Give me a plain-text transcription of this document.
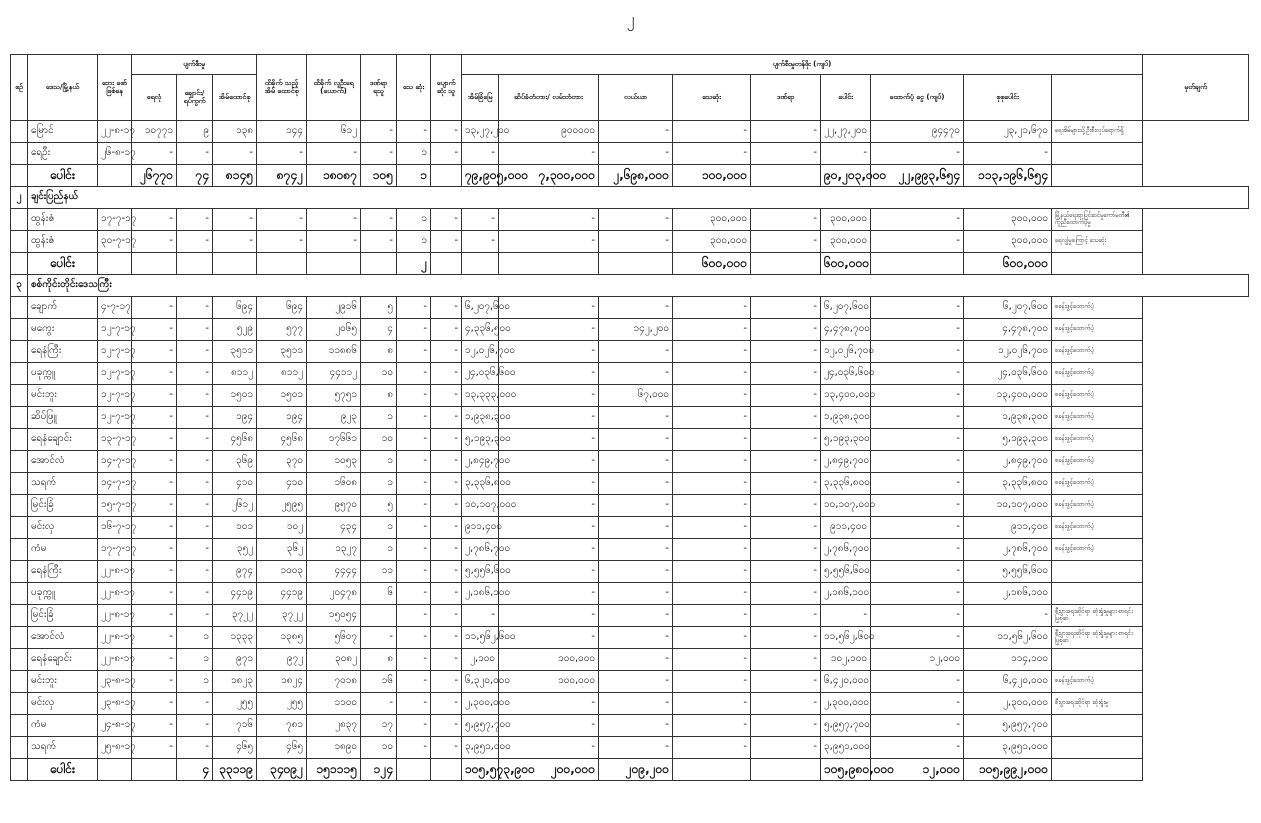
၂
စဥ်	ဒေသ/မြို့နယ်	ဘေး ဖော် ဖြစ်နေ	ပျက်စီးမှု			ထိခိုက် သည့် အိမ် ထောင်စု	ထိခိုက် လူဦးရေ (ယောက်)	ဒဏ်ရာ ရသူ	သေ ဆုံး	ပျောက် ဆုံး သူ	ပျက်စီးမှုတန်ဖိုး (ကျပ်)									မှတ်ချက်
			ရေလုံ	ချောင်း/ ရပ်ကွက်	အိမ်ထောင်စု						အိမ်ခြံမြေ	ဆိပ်ခံတံတား/ လမ်းတံတား	လယ်ယာ	သေဆုံး	ဒဏ်ရာ	ပေါင်း	ထောက်ပံ့ ငွေ (ကျပ်)	စုစုပေါင်း		
	မြောင်	၂၂-၈-၁၇	၁၀၇၇၁	၉	၁၃၈	၁၄၄	၆၁၂	-	-	-	၁၃,၂၇,၂၀၀	၉၀၀၀၀၀	-	-	-	၂၂,၂၇,၂၀၀	၉၄၄၇၀	၂၃,၂၁,၆၇၀	ရေအိမ်များသို့ဦးစီးလုပ်ရောက်ရှိ	
	ရေဦး	၂၆-၈-၁၇	-	-	-	-	-	-	၁	-	-	-	-	-	-	-	-	-		
	ပေါင်း		၂၆၇၇၀	၇၄	၈၁၄၅	၈၇၄၂	၁၈၀၈၇	၁၀၅	၁		၇၉,၉၀၅,၀၀၀	၇,၃၀၀,၀၀၀	၂,၆၉၈,၀၀၀	၁၀၀,၀၀၀		၉၀,၂၀၃,၀၀၀	၂၂,၉၉၃,၆၅၄	၁၁၃,၁၉၆,၆၅၄		
၂	ချင်းပြည်နယ်																			
	ထွန်းဇံ	၁၇-၇-၁၇	-	-	-	-	-	-	၁	-	-	-	-	၃၀၀,၀၀၀	-	၃၀၀,၀၀၀	-	၃၀၀,၀၀၀	မြို့နယ်ရေးရာပြင်ဆင်မှုကော်မတီ၏ ကူညီထောက်ပံ့မှု	
	ထွန်းဇံ	၃၀-၇-၁၇	-	-	-	-	-	-	၁	-	-	-	-	၃၀၀,၀၀၀	-	၃၀၀,၀၀၀	-	၃၀၀,၀၀၀	ရေလျှံမှုကြောင့် သေဆုံး	
	ပေါင်း								၂					၆၀၀,၀၀၀		၆၀၀,၀၀၀		၆၀၀,၀၀၀		
၃	စစ်ကိုင်းတိုင်းဒေသကြီး																			
	ချောက်	၄-၇-၁၇	-	-	၆၉၄	၆၉၄	၂၉၁၆	၅	-	-	၆,၂၀၇,၆၀၀	-	-	-	-	၆,၂၀၇,၆၀၀	-	၆,၂၀၇,၆၀၀	စခန်းဖွင့်ထောက်ပံ့	
	မကွေး	၁၂-၇-၁၇	-	-	၅၂၉	၅၇၇	၂၀၆၅	၄	-	-	၄,၃၃၆,၅၀၀	-	၁၄၂,၂၀၀	-	-	၄,၄၇၈,၇၀၀	-	၄,၄၇၈,၇၀၀	စခန်းဖွင့်ထောက်ပံ့	
	ရေနံကြီး	၁၂-၇-၁၇	-	-	၃၅၁၁	၃၅၁၁	၁၁၈၈၆	၈	-	-	၁၂,၀၂၆,၇၀၀	-	-	-	-	၁၂,၀၂၆,၇၀၀	-	၁၂,၀၂၆,၇၀၀	စခန်းဖွင့်ထောက်ပံ့	
	ပခုက္ကူ	၁၂-၇-၁၇	-	-	၈၁၁၂	၈၁၁၂	၄၄၁၁၂	၁၀	-	-	၂၄,၀၃၆,၆၀၀	-	-	-	-	၂၄,၀၃၆,၆၀၀	-	၂၄,၀၃၆,၆၀၀	စခန်းဖွင့်ထောက်ပံ့	
	မင်းဘူး	၁၂-၇-၁၇	-	-	၁၅၀၁	၁၅၀၁	၅၇၅၁	၈	-	-	၁၃,၃၃၃,၀၀၀	-	၆၇,၀၀၀	-	-	၁၃,၄၀၀,၀၀၀	-	၁၃,၄၀၀,၀၀၀	စခန်းဖွင့်ထောက်ပံ့	
	ဆိပ်ဖြူ	၁၂-၇-၁၇	-	-	၁၉၄	၁၉၄	၉၂၃	၁	-	-	၁,၉၃၈,၃၀၀	-	-	-	-	၁,၉၃၈,၃၀၀	-	၁,၉၃၈,၃၀၀	စခန်းဖွင့်ထောက်ပံ့	
	ရေနံချောင်း	၁၃-၇-၁၇	-	-	၄၅၆၈	၄၅၆၈	၁၇၆၆၁	၁၀	-	-	၅,၁၉၃,၃၀၀	-	-	-	-	၅,၁၉၃,၃၀၀	-	၅,၁၉၃,၃၀၀	စခန်းဖွင့်ထောက်ပံ့	
	အောင်လံ	၁၄-၇-၁၇	-	-	၃၆၉	၃၇၀	၁၀၅၃	၁	-	-	၂,၈၄၉,၇၀၀	-	-	-	-	၂,၈၄၉,၇၀၀	-	၂,၈၄၉,၇၀၀	စခန်းဖွင့်ထောက်ပံ့	
	သရက်	၁၄-၇-၁၇	-	-	၄၁၀	၄၁၀	၁၆၀၈	၁	-	-	၃,၃၃၆,၈၀၀	-	-	-	-	၃,၃၃၆,၈၀၀	-	၃,၃၃၆,၈၀၀	စခန်းဖွင့်ထောက်ပံ့	
	မြင်းခြံ	၁၅-၇-၁၇	-	-	၂၆၁၂	၂၅၉၅	၉၅၇၀	၅	-	-	၁၀,၁၀၇,၀၀၀	-	-	-	-	၁၀,၁၀၇,၀၀၀	-	၁၀,၁၀၇,၀၀၀	စခန်းဖွင့်ထောက်ပံ့	
	မင်းလှ	၁၆-၇-၁၇	-	-	၁၀၁	၁၀၂	၄၃၄	၁	-	-	၉၁၁,၄၀၀	-	-	-	-	၉၁၁,၄၀၀	-	၉၁၁,၄၀၀	စခန်းဖွင့်ထောက်ပံ့	
	ကံမ	၁၇-၇-၁၇	-	-	၃၅၂	၃၆၂	၁၃၂၇	၁	-	-	၂,၇၈၆,၇၀၀	-	-	-	-	၂,၇၈၆,၇၀၀	-	၂,၇၈၆,၇၀၀	စခန်းဖွင့်ထောက်ပံ့	
	ရေနံကြီး	၂၂-၈-၁၇	-	-	၉၇၄	၁၀၀၃	၄၄၄၄	၁၁	-	-	၅,၅၅၆,၆၀၀	-	-	-	-	၅,၅၅၆,၆၀၀	-	၅,၅၅၆,၆၀၀		
	ပခုက္ကူ	၂၂-၈-၁၇	-	-	၄၄၁၉	၄၄၁၉	၂၀၄၇၈	၆	-	-	၂,၁၈၆,၁၀၀	-	-	-	-	၂,၁၈၆,၁၀၀	-	၂,၁၈၆,၁၀၀		
	မြင်းခြံ	၂၂-၈-၁၇	-	-	၃၇၂၂	၃၇၂၂	၁၅၀၅၄		-	-	-	-	-	-	-	-	-	-	စီးပွားရေးဆိုင်ရာ ဆုံးရှုံးမှုများ စာရင်းပြုစုဆဲ	
	အောင်လံ	၂၂-၈-၁၇	-	၁	၁၃၃၃	၁၃၈၅	၅၆၀၇	-	-	-	၁၁,၅၆၂,၆၀၀	-	-	-	-	၁၁,၅၆၂,၆၀၀	-	၁၁,၅၆၂,၆၀၀	စီးပွားရေးဆိုင်ရာ ဆုံးရှုံးမှုများ စာရင်းပြုစုဆဲ	
	ရေနံချောင်း	၂၂-၈-၁၇	-	၁	၉၇၁	၉၇၂	၃၀၈၂	၈	-	-	၂,၁၀၀	၁၀၀,၀၀၀	-	-	-	၁၀၂,၁၀၀	၁၂,၀၀၀	၁၁၄,၁၀၀		
	မင်းဘူး	၂၃-၈-၁၇	-	၁	၁၈၂၃	၁၈၂၄	၇၀၁၈	၁၆	-	-	၆,၃၂၀,၀၀၀	၁၀၀,၀၀၀	-	-	-	၆,၄၂၀,၀၀၀	-	၆,၄၂၀,၀၀၀	စခန်းဖွင့်ထောက်ပံ့	
	မင်းလှ	၂၃-၈-၁၇	-	-	၂၅၅	၂၅၅	၁၁၀၀	-	-	-	၂,၃၀၀,၀၀၀	-	-	-	-	၂,၃၀၀,၀၀၀	-	၂,၃၀၀,၀၀၀	စီးပွားရေးဆိုင်ရာ ဆုံးရှုံးမှု	
	ကံမ	၂၄-၈-၁၇	-	-	၇၁၆	၇၈၁	၂၈၃၇	၁၇	-	-	၅,၉၅၇,၇၀၀	-	-	-	-	၅,၉၅၇,၇၀၀	-	၅,၉၅၇,၇၀၀		
	သရက်	၂၅-၈-၁၇	-	-	၄၆၅	၄၆၅	၁၈၉၀	၁၀	-	-	၃,၉၅၁,၀၀၀	-	-	-	-	၃,၉၅၁,၀၀၀	-	၃,၉၅၁,၀၀၀		
	ပေါင်း			၄	၃၃၁၁၉	၃၄၀၉၂	၁၅၁၁၁၅	၁၂၄			၁၀၅,၅၇၃,၉၀၀	၂၀၀,၀၀၀	၂၀၉,၂၀၀			၁၀၅,၉၈၀,၀၀၀	၁၂,၀၀၀	၁၀၅,၉၉၂,၀၀၀		
